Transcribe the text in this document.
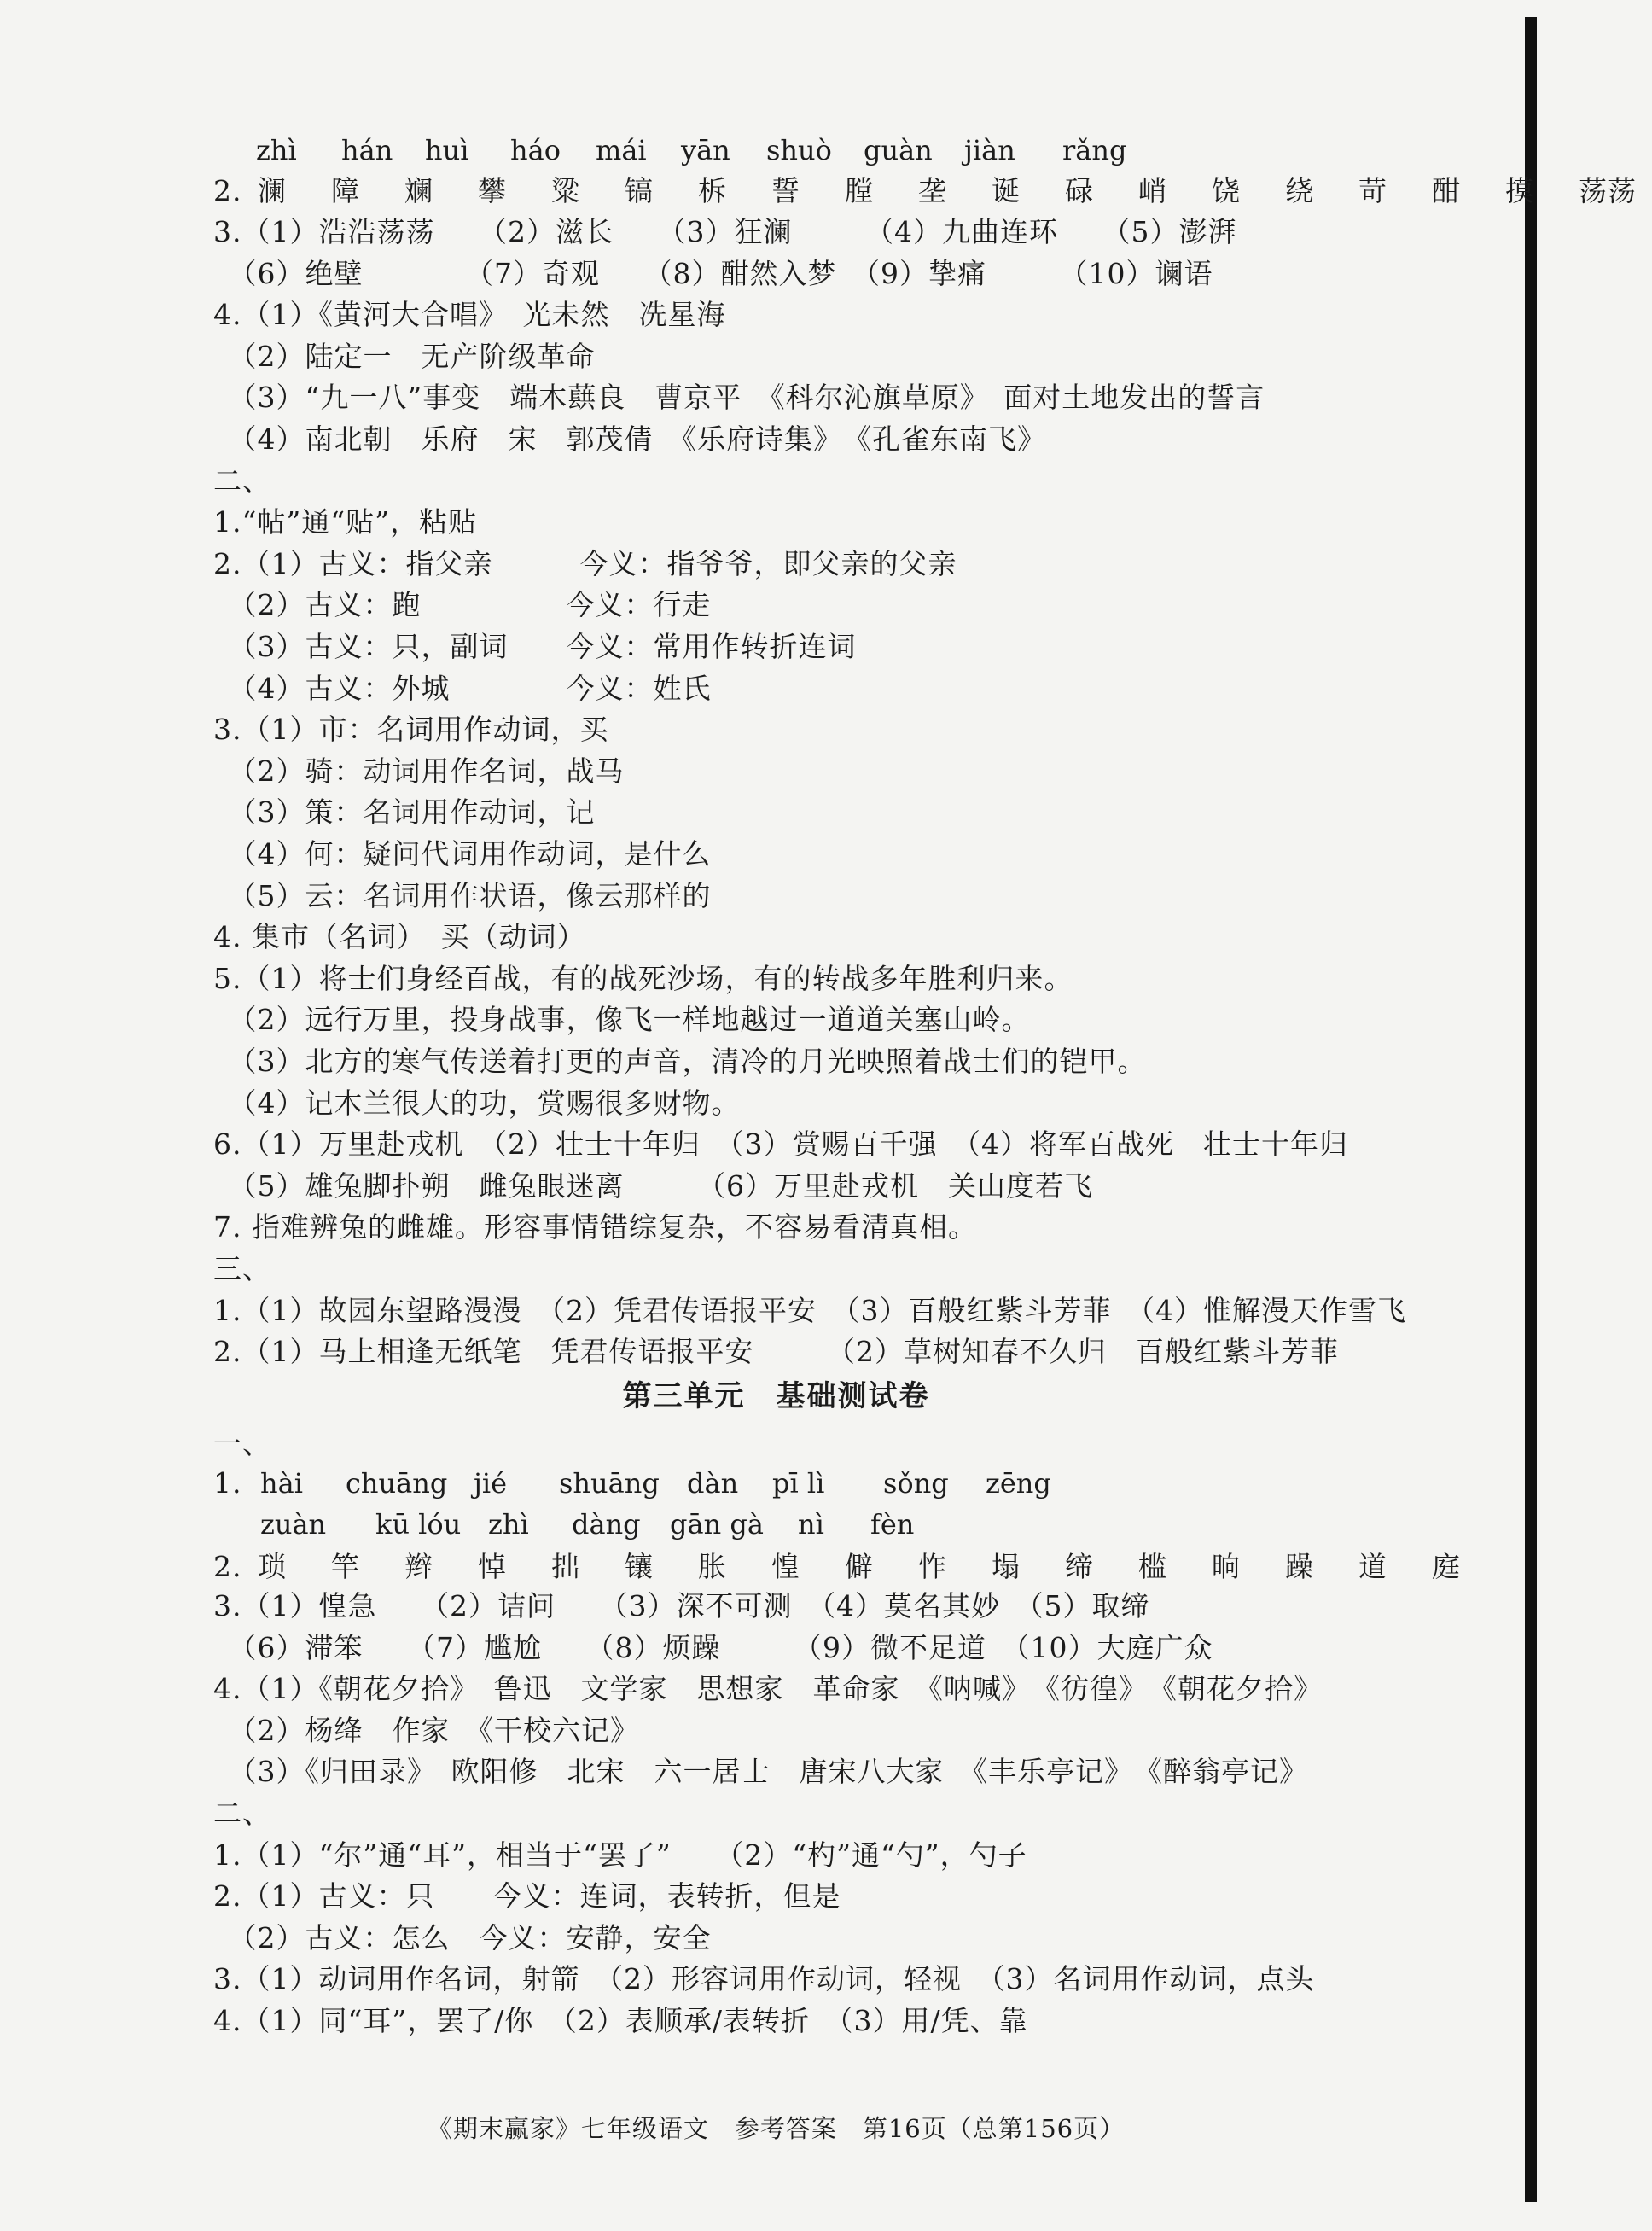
zhì hán huì háo mái yān shuò guàn jiàn rǎng
2. 澜 障 斓 攀 粱 镐 柝 誓 膛 垄 诞 碌 峭 饶 绕 苛 酣 摸 荡荡
3.（1）浩浩荡荡　　（2）滋长　　（3）狂澜　　　（4）九曲连环　　（5）澎湃
　（6）绝壁　　　　（7）奇观　　（8）酣然入梦　（9）挚痛　　　（10）谰语
4.（1）《黄河大合唱》　光未然　冼星海
　（2）陆定一　无产阶级革命
　（3）“九一八”事变　端木蕻良　曹京平　《科尔沁旗草原》　面对土地发出的誓言
　（4）南北朝　乐府　宋　郭茂倩　《乐府诗集》　《孔雀东南飞》
二、
1.“帖”通“贴”，粘贴
2.（1）古义：指父亲　　　今义：指爷爷，即父亲的父亲
　（2）古义：跑　　　　　今义：行走
　（3）古义：只，副词　　今义：常用作转折连词
　（4）古义：外城　　　　今义：姓氏
3.（1）市：名词用作动词，买
　（2）骑：动词用作名词，战马
　（3）策：名词用作动词，记
　（4）何：疑问代词用作动词，是什么
　（5）云：名词用作状语，像云那样的
4. 集市（名词）　买（动词）
5.（1）将士们身经百战，有的战死沙场，有的转战多年胜利归来。
　（2）远行万里，投身战事，像飞一样地越过一道道关塞山岭。
　（3）北方的寒气传送着打更的声音，清冷的月光映照着战士们的铠甲。
　（4）记木兰很大的功，赏赐很多财物。
6.（1）万里赴戎机　（2）壮士十年归　（3）赏赐百千强　（4）将军百战死　壮士十年归
　（5）雄兔脚扑朔　雌兔眼迷离　　　（6）万里赴戎机　关山度若飞
7. 指难辨兔的雌雄。形容事情错综复杂，不容易看清真相。
三、
1.（1）故园东望路漫漫　（2）凭君传语报平安　（3）百般红紫斗芳菲　（4）惟解漫天作雪飞
2.（1）马上相逢无纸笔　凭君传语报平安　　　（2）草树知春不久归　百般红紫斗芳菲
第三单元　基础测试卷
一、
1. hài chuāng jié shuāng dàn pī lì sǒng zēng
zuàn kū lóu zhì dàng gān gà nì fèn
2. 琐 竿 辫 悼 拙 镶 胀 惶 僻 怍 塌 缔 槛 晌 躁 道 庭
3.（1）惶急　　（2）诘问　　（3）深不可测　（4）莫名其妙　（5）取缔
　（6）滞笨　　（7）尴尬　　（8）烦躁　　　（9）微不足道　（10）大庭广众
4.（1）《朝花夕拾》　鲁迅　文学家　思想家　革命家　《呐喊》　《彷徨》　《朝花夕拾》
　（2）杨绛　作家　《干校六记》
　（3）《归田录》　欧阳修　北宋　六一居士　唐宋八大家　《丰乐亭记》　《醉翁亭记》
二、
1.（1）“尔”通“耳”，相当于“罢了”　　（2）“杓”通“勺”，勺子
2.（1）古义：只　　今义：连词，表转折，但是
　（2）古义：怎么　今义：安静，安全
3.（1）动词用作名词，射箭　（2）形容词用作动词，轻视　（3）名词用作动词，点头
4.（1）同“耳”，罢了/你　（2）表顺承/表转折　（3）用/凭、靠
《期末赢家》七年级语文　参考答案　第16页（总第156页）
